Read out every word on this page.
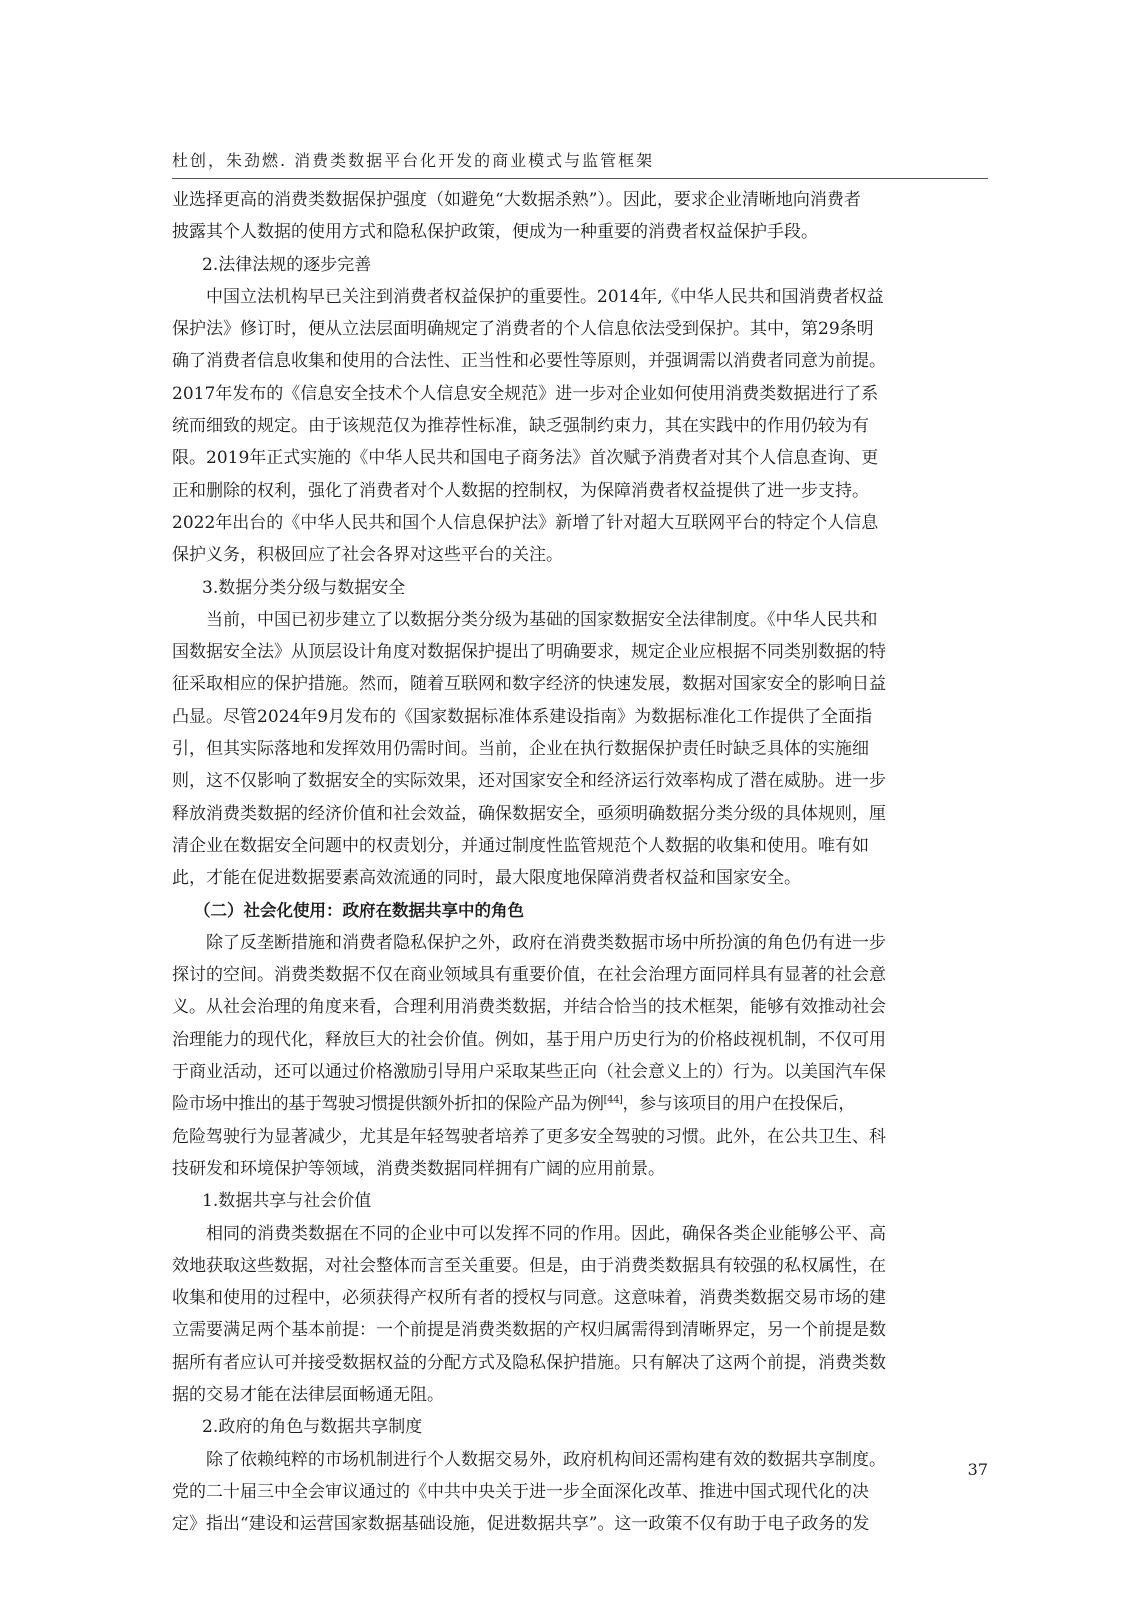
杜创，朱劲燃. 消费类数据平台化开发的商业模式与监管框架

业选择更高的消费类数据保护强度（如避免“大数据杀熟”）。因此，要求企业清晰地向消费者

披露其个人数据的使用方式和隐私保护政策，便成为一种重要的消费者权益保护手段。

2.法律法规的逐步完善

　　中国立法机构早已关注到消费者权益保护的重要性。2014年,《中华人民共和国消费者权益

保护法》修订时，便从立法层面明确规定了消费者的个人信息依法受到保护。其中，第29条明

确了消费者信息收集和使用的合法性、正当性和必要性等原则，并强调需以消费者同意为前提。

2017年发布的《信息安全技术个人信息安全规范》进一步对企业如何使用消费类数据进行了系

统而细致的规定。由于该规范仅为推荐性标准，缺乏强制约束力，其在实践中的作用仍较为有

限。2019年正式实施的《中华人民共和国电子商务法》首次赋予消费者对其个人信息查询、更

正和删除的权利，强化了消费者对个人数据的控制权，为保障消费者权益提供了进一步支持。

2022年出台的《中华人民共和国个人信息保护法》新增了针对超大互联网平台的特定个人信息

保护义务，积极回应了社会各界对这些平台的关注。

3.数据分类分级与数据安全

　　当前，中国已初步建立了以数据分类分级为基础的国家数据安全法律制度。《中华人民共和

国数据安全法》从顶层设计角度对数据保护提出了明确要求，规定企业应根据不同类别数据的特

征采取相应的保护措施。然而，随着互联网和数字经济的快速发展，数据对国家安全的影响日益

凸显。尽管2024年9月发布的《国家数据标准体系建设指南》为数据标准化工作提供了全面指

引，但其实际落地和发挥效用仍需时间。当前，企业在执行数据保护责任时缺乏具体的实施细

则，这不仅影响了数据安全的实际效果，还对国家安全和经济运行效率构成了潜在威胁。进一步

释放消费类数据的经济价值和社会效益，确保数据安全，亟须明确数据分类分级的具体规则，厘

清企业在数据安全问题中的权责划分，并通过制度性监管规范个人数据的收集和使用。唯有如

此，才能在促进数据要素高效流通的同时，最大限度地保障消费者权益和国家安全。

（二）社会化使用：政府在数据共享中的角色

　　除了反垄断措施和消费者隐私保护之外，政府在消费类数据市场中所扮演的角色仍有进一步

探讨的空间。消费类数据不仅在商业领域具有重要价值，在社会治理方面同样具有显著的社会意

义。从社会治理的角度来看，合理利用消费类数据，并结合恰当的技术框架，能够有效推动社会

治理能力的现代化，释放巨大的社会价值。例如，基于用户历史行为的价格歧视机制，不仅可用

于商业活动，还可以通过价格激励引导用户采取某些正向（社会意义上的）行为。以美国汽车保

险市场中推出的基于驾驶习惯提供额外折扣的保险产品为例[44]，参与该项目的用户在投保后，

危险驾驶行为显著减少，尤其是年轻驾驶者培养了更多安全驾驶的习惯。此外，在公共卫生、科

技研发和环境保护等领域，消费类数据同样拥有广阔的应用前景。

1.数据共享与社会价值

　　相同的消费类数据在不同的企业中可以发挥不同的作用。因此，确保各类企业能够公平、高

效地获取这些数据，对社会整体而言至关重要。但是，由于消费类数据具有较强的私权属性，在

收集和使用的过程中，必须获得产权所有者的授权与同意。这意味着，消费类数据交易市场的建

立需要满足两个基本前提：一个前提是消费类数据的产权归属需得到清晰界定，另一个前提是数

据所有者应认可并接受数据权益的分配方式及隐私保护措施。只有解决了这两个前提，消费类数

据的交易才能在法律层面畅通无阻。

2.政府的角色与数据共享制度

　　除了依赖纯粹的市场机制进行个人数据交易外，政府机构间还需构建有效的数据共享制度。

党的二十届三中全会审议通过的《中共中央关于进一步全面深化改革、推进中国式现代化的决

定》指出“建设和运营国家数据基础设施，促进数据共享”。这一政策不仅有助于电子政务的发

37
